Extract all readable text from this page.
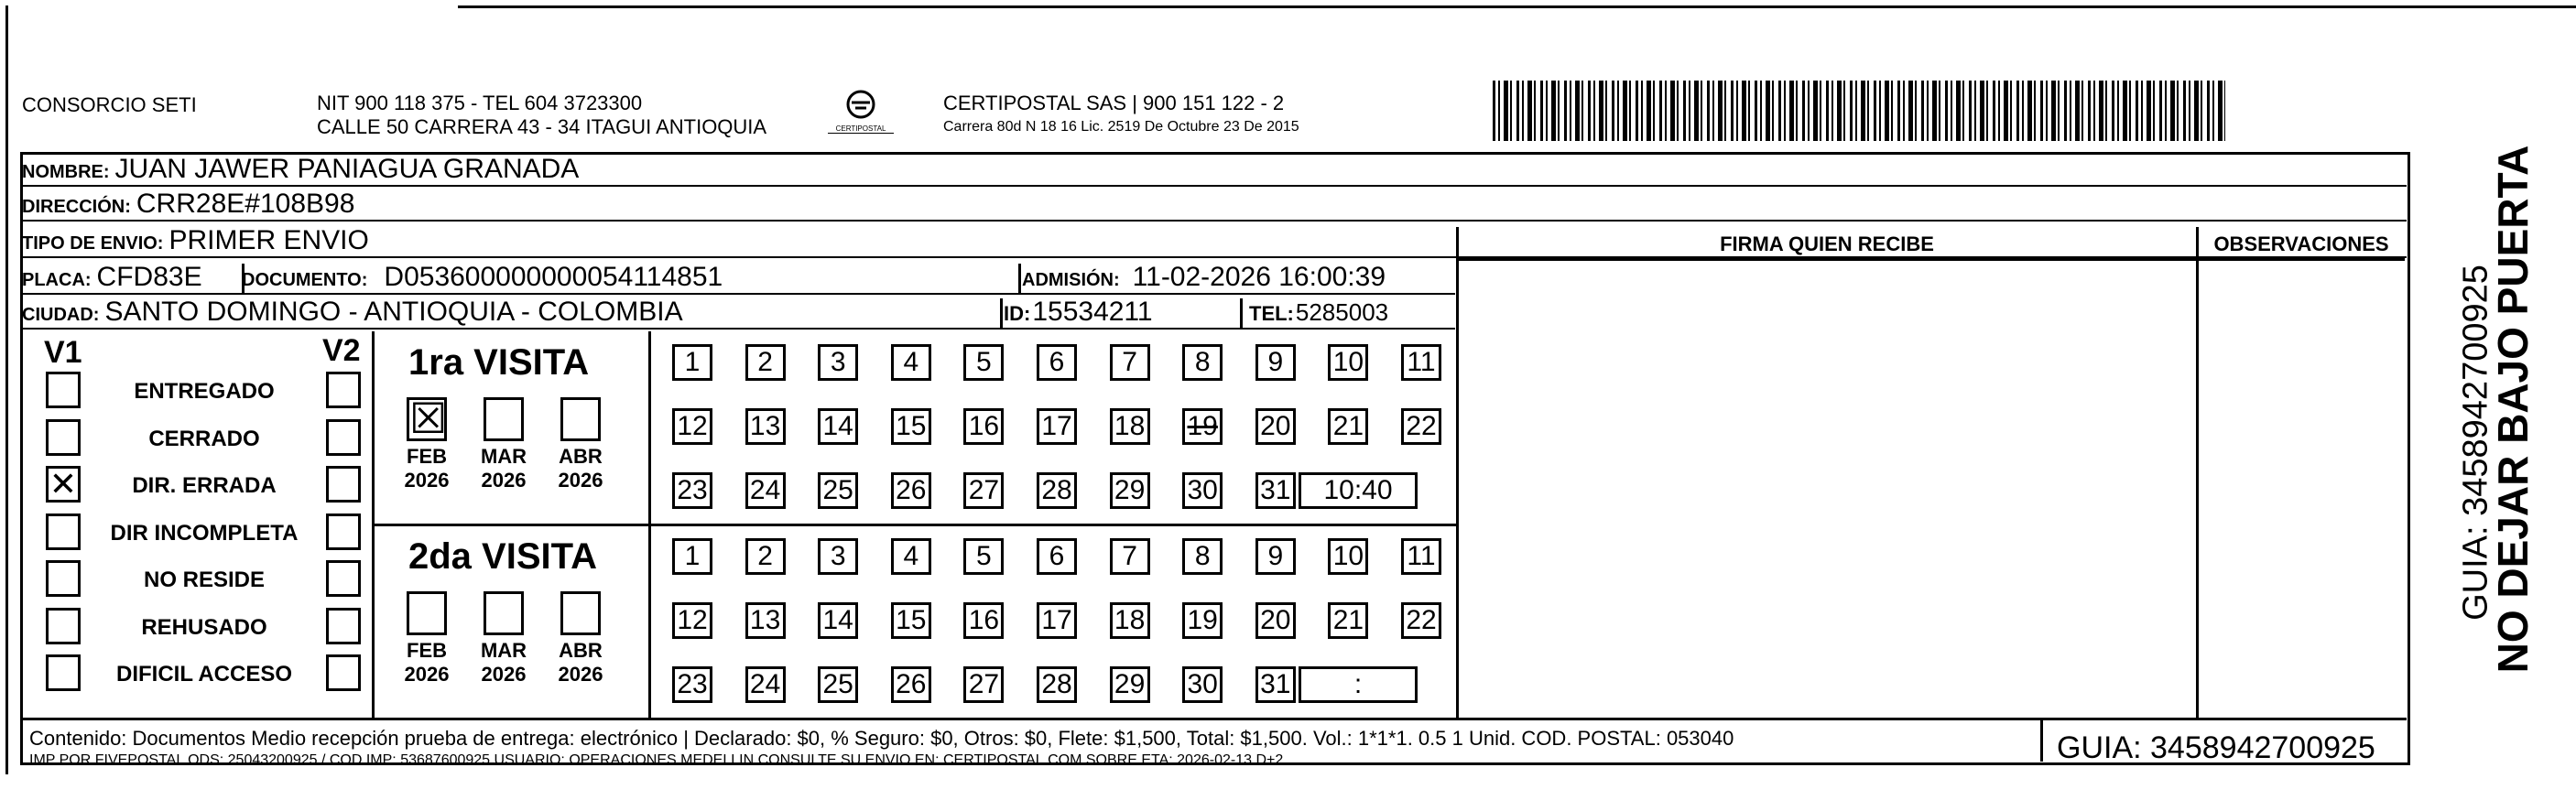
CONSORCIO SETI	NIT 900 118 375 - TEL 604 3723300
CALLE 50 CARRERA 43 - 34 ITAGUI ANTIOQUIA	CERTIPOSTAL
CERTIPOSTAL SAS | 900 151 122 - 2
Carrera 80d N 18 16 Lic. 2519 De Octubre 23 De 2015
NOMBRE: JUAN JAWER PANIAGUA GRANADA
DIRECCIÓN: CRR28E#108B98
TIPO DE ENVIO: PRIMER ENVIO
PLACA: CFD83E DOCUMENTO: D053600000000054114851	ADMISIÓN: 11-02-2026 16:00:39
CIUDAD: SANTO DOMINGO - ANTIOQUIA - COLOMBIA	ID:15534211	TEL:5285003
FIRMA QUIEN RECIBE	OBSERVACIONES
V1	V2
ENTREGADO
CERRADO
✕	DIR. ERRADA
DIR INCOMPLETA
NO RESIDE
REHUSADO
DIFICIL ACCESO
1ra VISITA
2da VISITA
☒
FEB
2026
MAR
2026
ABR
2026
1	2	3	4	5	6	7	8	9	10 11
12 13 14 15 16 17 18 19 20 21 22
23 24 25 26 27 28 29 30 31	10:40
FEB
2026
MAR
2026
ABR
2026
1	2	3	4	5	6	7	8	9	10 11
12 13 14 15 16 17 18 19 20 21 22
23 24 25 26 27 28 29 30 31	:
Contenido: Documentos Medio recepción prueba de entrega: electrónico | Declarado: $0, % Seguro: $0, Otros: $0, Flete: $1,500, Total: $1,500. Vol.: 1*1*1. 0.5 1 Unid. COD. POSTAL: 053040
IMP POR FIVEPOSTAL ODS: 25043200925 / COD.IMP: 53687600925 USUARIO: OPERACIONES MEDELLIN CONSULTE SU ENVIO EN: CERTIPOSTAL.COM SOBRE ETA: 2026-02-13 D+2	GUIA: 3458942700925
NO DEJAR BAJO PUERTA
GUIA: 3458942700925
